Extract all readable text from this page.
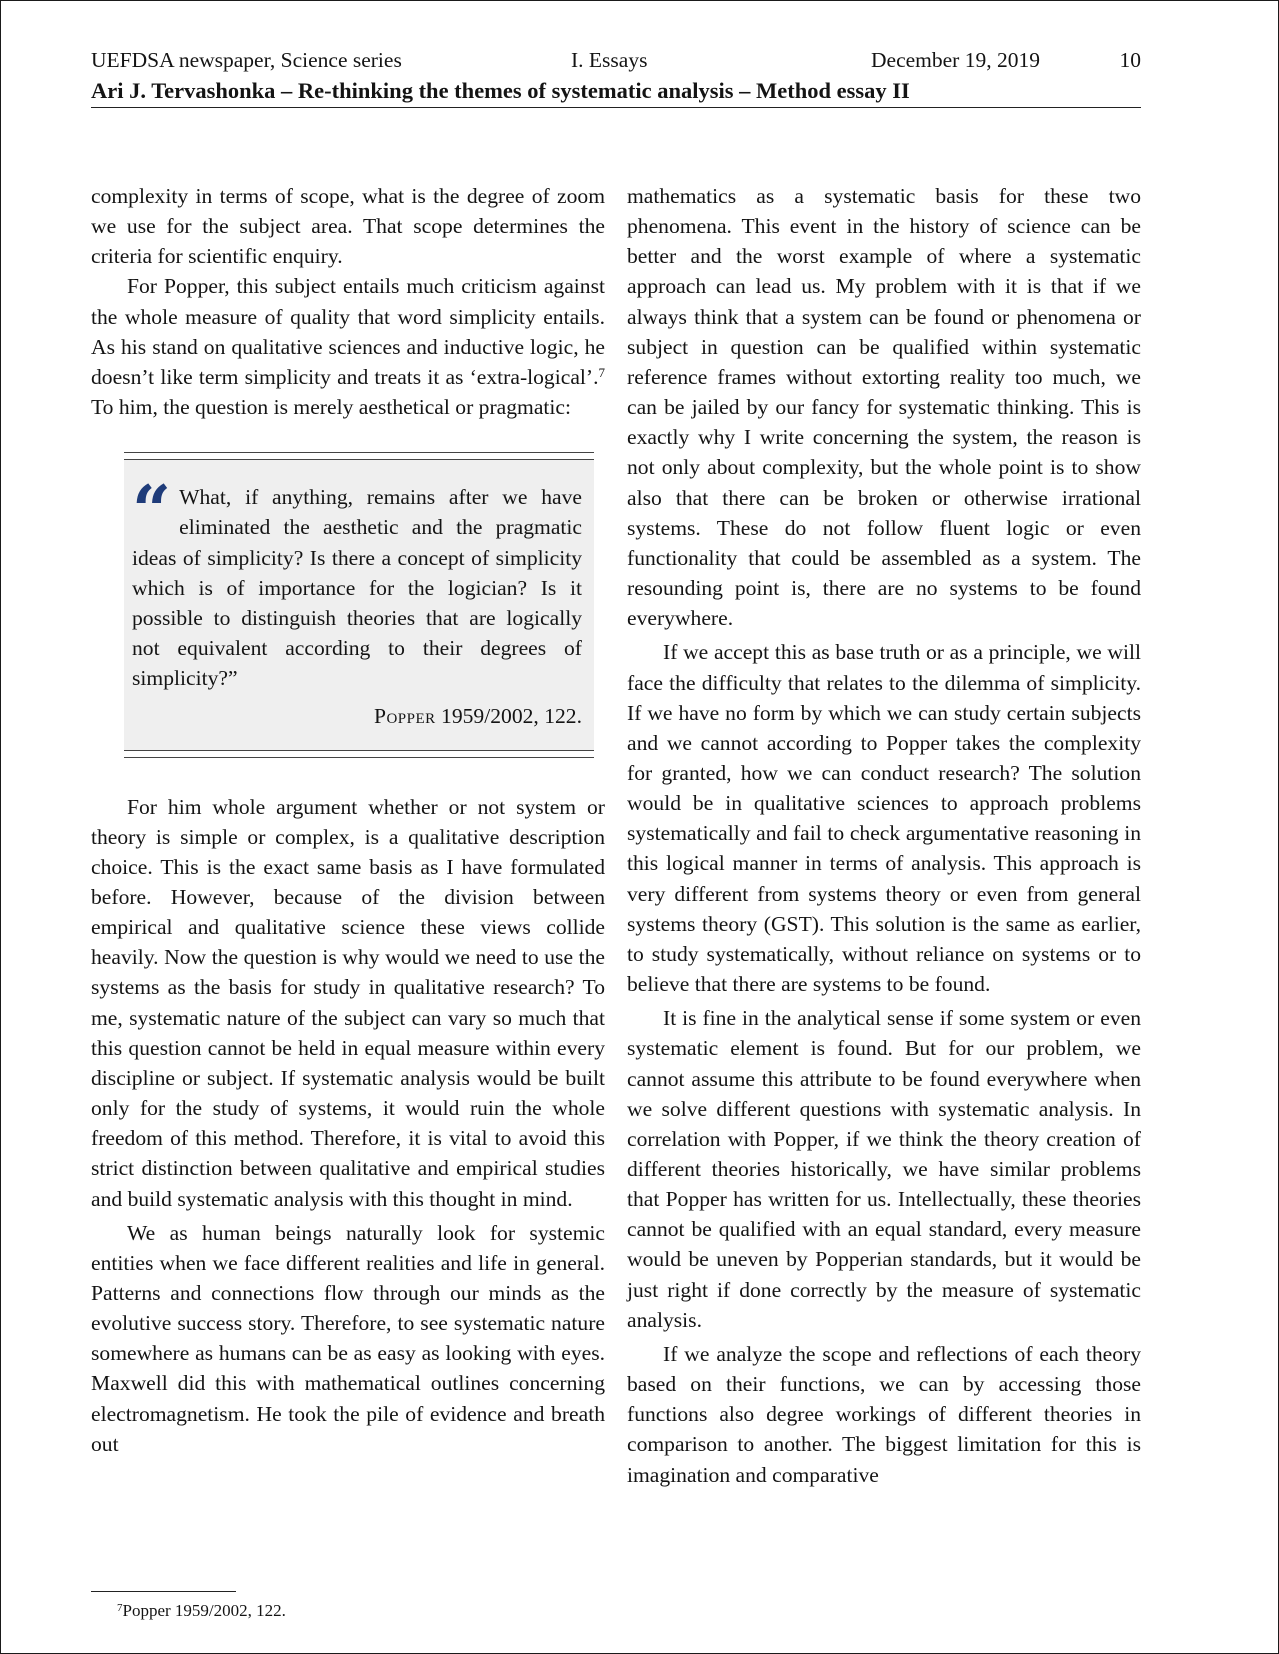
UEFDSA newspaper, Science series	I. Essays	December 19, 2019	10
Ari J. Tervashonka – Re-thinking the themes of systematic analysis – Method essay II

complexity in terms of scope, what is the degree of zoom we use for the subject area. That scope determines the criteria for scientific enquiry.

For Popper, this subject entails much criticism against the whole measure of quality that word simplicity entails. As his stand on qualitative sciences and inductive logic, he doesn’t like term simplicity and treats it as ‘extra-logical’.$^7$ To him, the question is merely aesthetical or pragmatic:

“ What, if anything, remains after we have eliminated the aesthetic and the pragmatic ideas of simplicity? Is there a concept of simplicity which is of importance for the logician? Is it possible to distinguish theories that are logically not equivalent according to their degrees of simplicity?”
Popper 1959/2002, 122.

For him whole argument whether or not system or theory is simple or complex, is a qualitative description choice. This is the exact same basis as I have formulated before. However, because of the division between empirical and qualitative science these views collide heavily. Now the question is why would we need to use the systems as the basis for study in qualitative research? To me, systematic nature of the subject can vary so much that this question cannot be held in equal measure within every discipline or subject. If systematic analysis would be built only for the study of systems, it would ruin the whole freedom of this method. Therefore, it is vital to avoid this strict distinction between qualitative and empirical studies and build systematic analysis with this thought in mind.

We as human beings naturally look for systemic entities when we face different realities and life in general. Patterns and connections flow through our minds as the evolutive success story. Therefore, to see systematic nature somewhere as humans can be as easy as looking with eyes. Maxwell did this with mathematical outlines concerning electromagnetism. He took the pile of evidence and breath out

mathematics as a systematic basis for these two phenomena. This event in the history of science can be better and the worst example of where a systematic approach can lead us. My problem with it is that if we always think that a system can be found or phenomena or subject in question can be qualified within systematic reference frames without extorting reality too much, we can be jailed by our fancy for systematic thinking. This is exactly why I write concerning the system, the reason is not only about complexity, but the whole point is to show also that there can be broken or otherwise irrational systems. These do not follow fluent logic or even functionality that could be assembled as a system. The resounding point is, there are no systems to be found everywhere.

If we accept this as base truth or as a principle, we will face the difficulty that relates to the dilemma of simplicity. If we have no form by which we can study certain subjects and we cannot according to Popper takes the complexity for granted, how we can conduct research? The solution would be in qualitative sciences to approach problems systematically and fail to check argumentative reasoning in this logical manner in terms of analysis. This approach is very different from systems theory or even from general systems theory (GST). This solution is the same as earlier, to study systematically, without reliance on systems or to believe that there are systems to be found.

It is fine in the analytical sense if some system or even systematic element is found. But for our problem, we cannot assume this attribute to be found everywhere when we solve different questions with systematic analysis. In correlation with Popper, if we think the theory creation of different theories historically, we have similar problems that Popper has written for us. Intellectually, these theories cannot be qualified with an equal standard, every measure would be uneven by Popperian standards, but it would be just right if done correctly by the measure of systematic analysis.

If we analyze the scope and reflections of each theory based on their functions, we can by accessing those functions also degree workings of different theories in comparison to another. The biggest limitation for this is imagination and comparative

$^7$Popper 1959/2002, 122.
